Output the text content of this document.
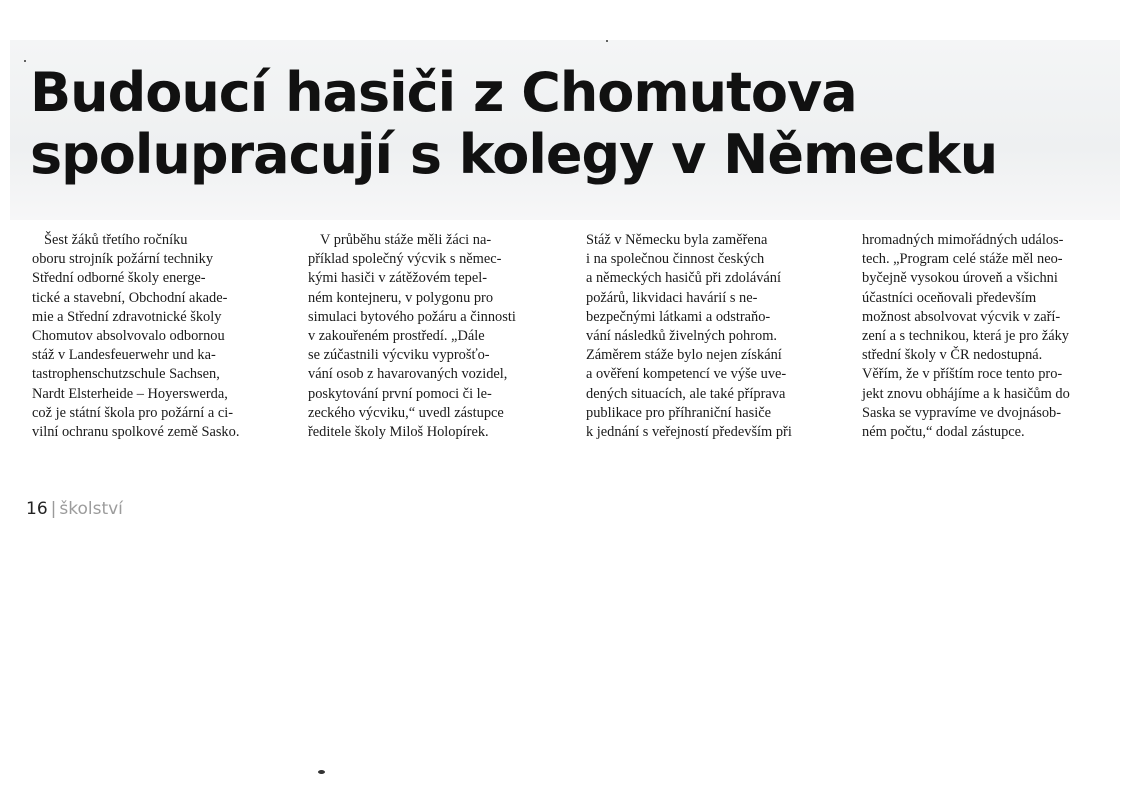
Budoucí hasiči z Chomutova
spolupracují s kolegy v Německu
Šest žáků třetího ročníku
oboru strojník požární techniky
Střední odborné školy energe-
tické a stavební, Obchodní akade-
mie a Střední zdravotnické školy
Chomutov absolvovalo odbornou
stáž v Landesfeuerwehr und ka-
tastrophenschutzschule Sachsen,
Nardt Elsterheide – Hoyerswerda,
což je státní škola pro požární a ci-
vilní ochranu spolkové země Sasko.
V průběhu stáže měli žáci na-
příklad společný výcvik s němec-
kými hasiči v zátěžovém tepel-
ném kontejneru, v polygonu pro
simulaci bytového požáru a činnosti
v zakouřeném prostředí. „Dále
se zúčastnili výcviku vyprošťo-
vání osob z havarovaných vozidel,
poskytování první pomoci či le-
zeckého výcviku,“ uvedl zástupce
ředitele školy Miloš Holopírek.
Stáž v Německu byla zaměřena
i na společnou činnost českých
a německých hasičů při zdolávání
požárů, likvidaci havárií s ne-
bezpečnými látkami a odstraňo-
vání následků živelných pohrom.
Záměrem stáže bylo nejen získání
a ověření kompetencí ve výše uve-
dených situacích, ale také příprava
publikace pro příhraniční hasiče
k jednání s veřejností především při
hromadných mimořádných událos-
tech. „Program celé stáže měl neo-
byčejně vysokou úroveň a všichni
účastníci oceňovali především
možnost absolvovat výcvik v zaří-
zení a s technikou, která je pro žáky
střední školy v ČR nedostupná.
Věřím, že v příštím roce tento pro-
jekt znovu obhájíme a k hasičům do
Saska se vypravíme ve dvojnásob-
ném počtu,“ dodal zástupce.
16 | školství
